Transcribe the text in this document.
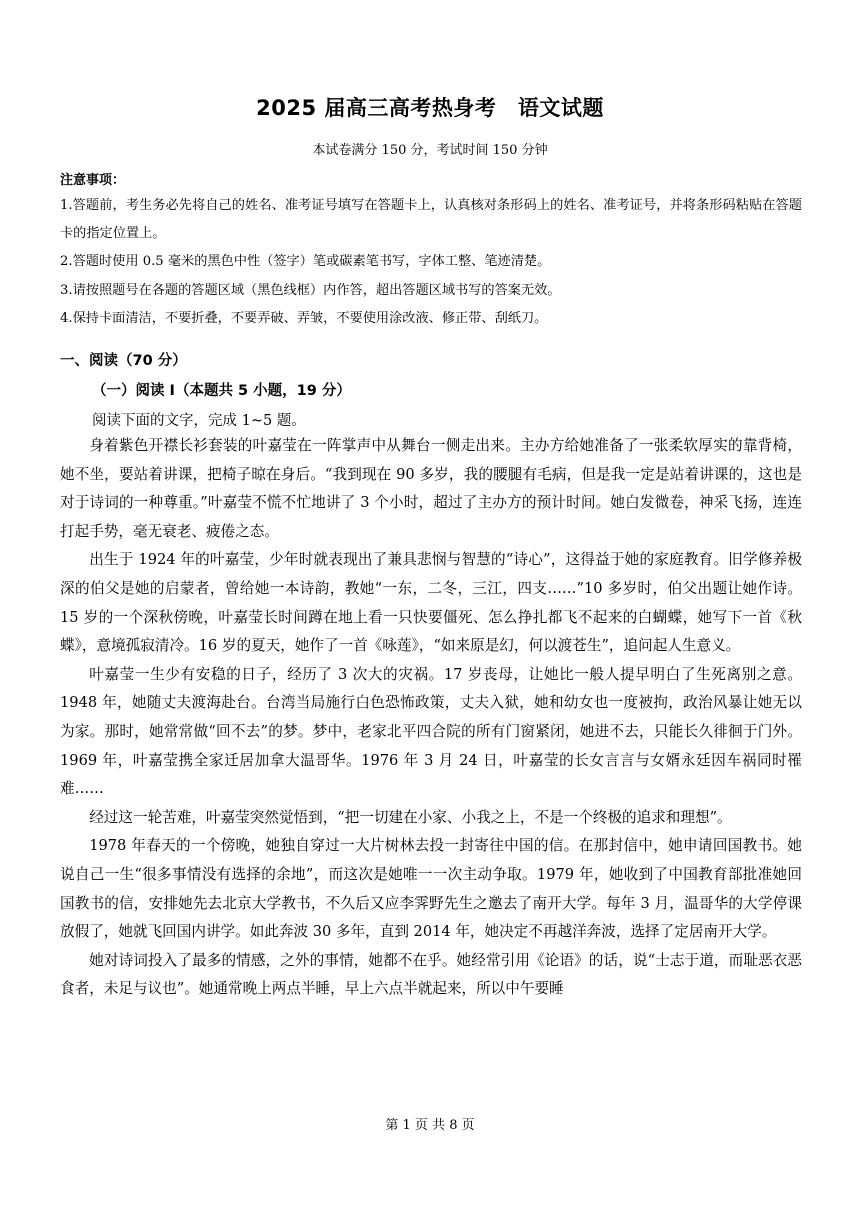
2025 届高三高考热身考　语文试题
本试卷满分 150 分，考试时间 150 分钟
注意事项：

1.答题前，考生务必先将自己的姓名、准考证号填写在答题卡上，认真核对条形码上的姓名、准考证号，并将条形码粘贴在答题卡的指定位置上。

2.答题时使用 0.5 毫米的黑色中性（签字）笔或碳素笔书写，字体工整、笔迹清楚。

3.请按照题号在各题的答题区域（黑色线框）内作答，超出答题区域书写的答案无效。

4.保持卡面清洁，不要折叠，不要弄破、弄皱，不要使用涂改液、修正带、刮纸刀。

一、阅读（70 分）
（一）阅读 I（本题共 5 小题，19 分）
阅读下面的文字，完成 1~5 题。

身着紫色开襟长衫套装的叶嘉莹在一阵掌声中从舞台一侧走出来。主办方给她准备了一张柔软厚实的靠背椅，她不坐，要站着讲课，把椅子晾在身后。“我到现在 90 多岁，我的腰腿有毛病，但是我一定是站着讲课的，这也是对于诗词的一种尊重。”叶嘉莹不慌不忙地讲了 3 个小时，超过了主办方的预计时间。她白发微卷，神采飞扬，连连打起手势，毫无衰老、疲倦之态。

出生于 1924 年的叶嘉莹，少年时就表现出了兼具悲悯与智慧的“诗心”，这得益于她的家庭教育。旧学修养极深的伯父是她的启蒙者，曾给她一本诗韵，教她“一东，二冬，三江，四支……”10 多岁时，伯父出题让她作诗。15 岁的一个深秋傍晚，叶嘉莹长时间蹲在地上看一只快要僵死、怎么挣扎都飞不起来的白蝴蝶，她写下一首《秋蝶》，意境孤寂清冷。16 岁的夏天，她作了一首《咏莲》，“如来原是幻，何以渡苍生”，追问起人生意义。

叶嘉莹一生少有安稳的日子，经历了 3 次大的灾祸。17 岁丧母，让她比一般人提早明白了生死离别之意。1948 年，她随丈夫渡海赴台。台湾当局施行白色恐怖政策，丈夫入狱，她和幼女也一度被拘，政治风暴让她无以为家。那时，她常常做“回不去”的梦。梦中，老家北平四合院的所有门窗紧闭，她进不去，只能长久徘徊于门外。1969 年，叶嘉莹携全家迁居加拿大温哥华。1976 年 3 月 24 日，叶嘉莹的长女言言与女婿永廷因车祸同时罹难……

经过这一轮苦难，叶嘉莹突然觉悟到，“把一切建在小家、小我之上，不是一个终极的追求和理想”。

1978 年春天的一个傍晚，她独自穿过一大片树林去投一封寄往中国的信。在那封信中，她申请回国教书。她说自己一生“很多事情没有选择的余地”，而这次是她唯一一次主动争取。1979 年，她收到了中国教育部批准她回国教书的信，安排她先去北京大学教书，不久后又应李霁野先生之邀去了南开大学。每年 3 月，温哥华的大学停课放假了，她就飞回国内讲学。如此奔波 30 多年，直到 2014 年，她决定不再越洋奔波，选择了定居南开大学。

她对诗词投入了最多的情感，之外的事情，她都不在乎。她经常引用《论语》的话，说“士志于道，而耻恶衣恶食者，未足与议也”。她通常晚上两点半睡，早上六点半就起来，所以中午要睡

第 1 页 共 8 页
